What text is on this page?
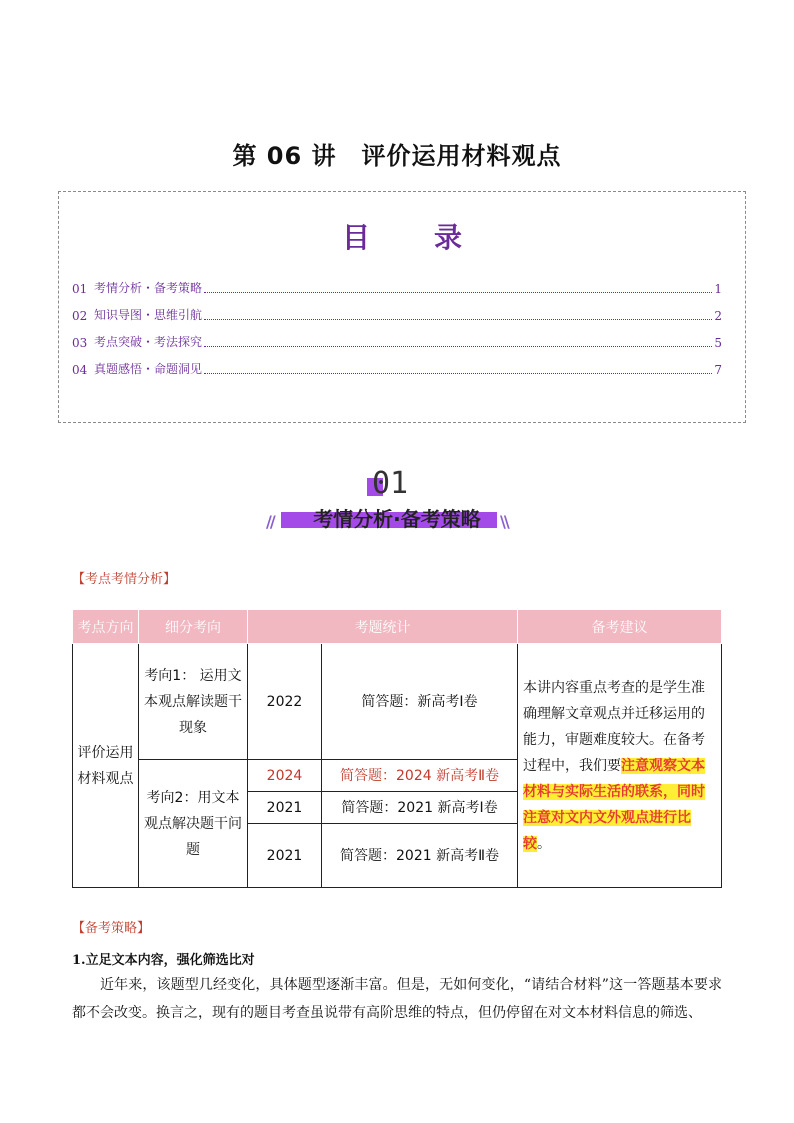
第 06 讲　评价运用材料观点
目　录
01 考情分析・备考策略	1
02 知识导图・思维引航	2
03 考点突破・考法探究	5
04 真题感悟・命题洞见	7
01
//	\\
考情分析·备考策略
【考点考情分析】
考点方向	细分考向	考题统计		备考建议
评价运用材料观点	考向1： 运用文本观点解读题干现象	2022	简答题：新高考Ⅰ卷	本讲内容重点考查的是学生准确理解文章观点并迁移运用的能力，审题难度较大。在备考过程中，我们要注意观察文本材料与实际生活的联系，同时注意对文内文外观点进行比较。
	考向2：用文本观点解决题干问题	2024	简答题：2024 新高考Ⅱ卷	
		2021	简答题：2021 新高考Ⅰ卷	
		2021	简答题：2021 新高考Ⅱ卷	
【备考策略】
1.立足文本内容，强化筛选比对
近年来，该题型几经变化，具体题型逐渐丰富。但是，无如何变化，“请结合材料”这一答题基本要求都不会改变。换言之，现有的题目考查虽说带有高阶思维的特点，但仍停留在对文本材料信息的筛选、
